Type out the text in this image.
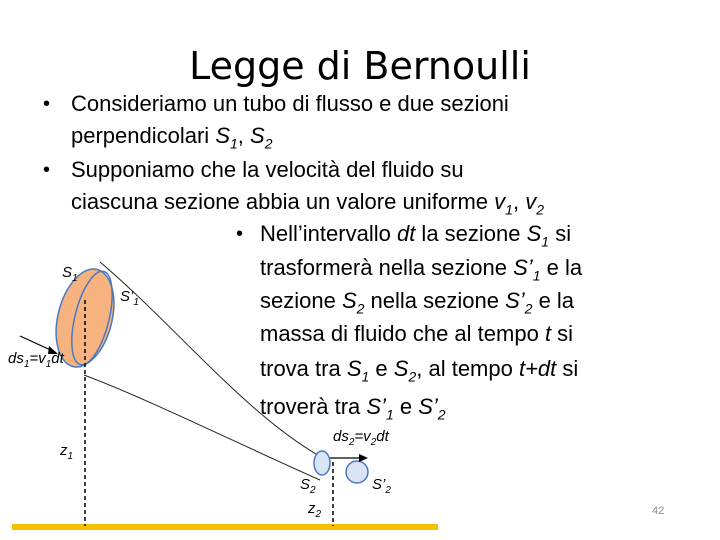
Legge di Bernoulli
• Consideriamo un tubo di flusso e due sezioni
perpendicolari $S_1$, $S_2$
• Supponiamo che la velocità del fluido su
ciascuna sezione abbia un valore uniforme $v_1$, $v_2$
• Nell’intervallo dt la sezione $S_1$ si
trasformerà nella sezione $S’_1$ e la
sezione $S_2$ nella sezione $S’_2$ e la
massa di fluido che al tempo t si
trova tra $S_1$ e $S_2$, al tempo t+dt si
troverà tra $S’_1$ e $S’_2$
$S_1$
$S’_1$
$ds_1=v_1dt$
$z_1$
$ds_2=v_2dt$
$S_2$	$S’_2$
$z_2$	42
